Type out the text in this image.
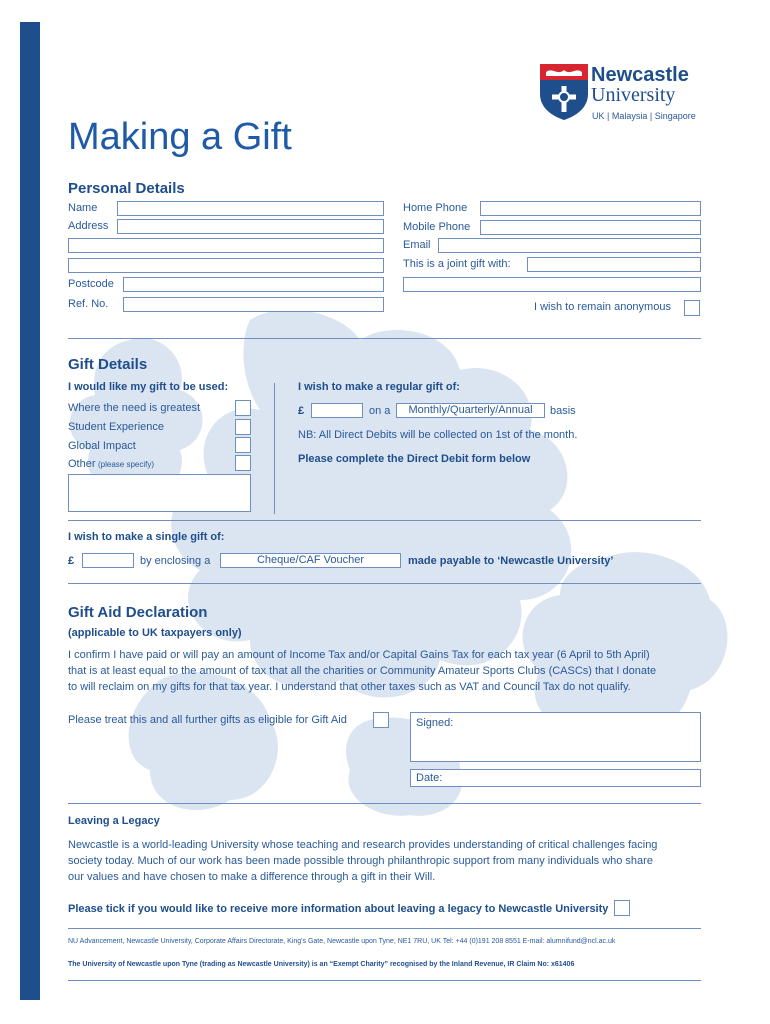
Newcastle
University
UK | Malaysia | Singapore
Making a Gift
Personal Details
Name
Address
Postcode
Ref. No.
Home Phone
Mobile Phone
Email
This is a joint gift with:
I wish to remain anonymous
Gift Details
I would like my gift to be used:
Where the need is greatest
Student Experience
Global Impact
Other (please specify)
I wish to make a regular gift of:
£	on a	Monthly/Quarterly/Annual	basis
NB: All Direct Debits will be collected on 1st of the month.
Please complete the Direct Debit form below
I wish to make a single gift of:
£	by enclosing a	Cheque/CAF Voucher	made payable to ‘Newcastle University’
Gift Aid Declaration
(applicable to UK taxpayers only)
I confirm I have paid or will pay an amount of Income Tax and/or Capital Gains Tax for each tax year (6 April to 5th April)
that is at least equal to the amount of tax that all the charities or Community Amateur Sports Clubs (CASCs) that I donate
to will reclaim on my gifts for that tax year. I understand that other taxes such as VAT and Council Tax do not qualify.
Please treat this and all further gifts as eligible for Gift Aid	Signed:
Date:
Leaving a Legacy
Newcastle is a world-leading University whose teaching and research provides understanding of critical challenges facing
society today. Much of our work has been made possible through philanthropic support from many individuals who share
our values and have chosen to make a difference through a gift in their Will.
Please tick if you would like to receive more information about leaving a legacy to Newcastle University
NU Advancement, Newcastle University, Corporate Affairs Directorate, King's Gate, Newcastle upon Tyne, NE1 7RU, UK Tel: +44 (0)191 208 8551 E-mail: alumnifund@ncl.ac.uk
The University of Newcastle upon Tyne (trading as Newcastle University) is an “Exempt Charity” recognised by the Inland Revenue, IR Claim No: x61406
